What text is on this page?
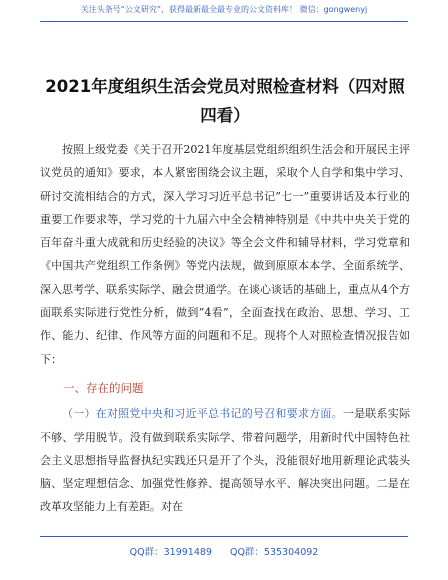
关注头条号“公文研究”，获得最新最全最专业的公文资料库！ 微信：gongwenyj
2021年度组织生活会党员对照检查材料（四对照四看）

按照上级党委《关于召开2021年度基层党组织组织生活会和开展民主评议党员的通知》要求，本人紧密围绕会议主题，采取个人自学和集中学习、研讨交流相结合的方式，深入学习习近平总书记”七一”重要讲话及本行业的重要工作要求等，学习党的十九届六中全会精神特别是《中共中央关于党的百年奋斗重大成就和历史经验的决议》等全会文件和辅导材料，学习党章和《中国共产党组织工作条例》等党内法规，做到原原本本学、全面系统学、深入思考学、联系实际学、融会贯通学。在谈心谈话的基础上，重点从4个方面联系实际进行党性分析，做到”4看”，全面查找在政治、思想、学习、工作、能力、纪律、作风等方面的问题和不足。现将个人对照检查情况报告如下：

一、存在的问题

（一）在对照党中央和习近平总书记的号召和要求方面。一是联系实际不够、学用脱节。没有做到联系实际学、带着问题学，用新时代中国特色社会主义思想指导监督执纪实践还只是开了个头，没能很好地用新理论武装头脑、坚定理想信念、加强党性修养、提高领导水平、解决突出问题。二是在改革攻坚能力上有差距。对在

QQ群：31991489 QQ群：535304092
